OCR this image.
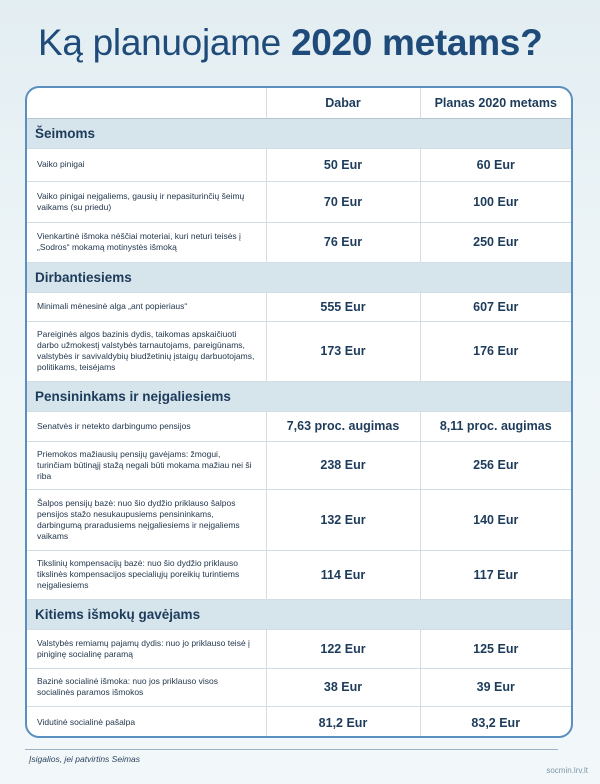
Ką planuojame 2020 metams?
	Dabar	Planas 2020 metams
Šeimoms		
Vaiko pinigai	50 Eur	60 Eur
Vaiko pinigai neįgaliems, gausių ir nepasiturinčių šeimų vaikams (su priedu)	70 Eur	100 Eur
Vienkartinė išmoka nėščiai moteriai, kuri neturi teisės į „Sodros“ mokamą motinystės išmoką	76 Eur	250 Eur
Dirbantiesiems		
Minimali mėnesinė alga „ant popieriaus“	555 Eur	607 Eur
Pareiginės algos bazinis dydis, taikomas apskaičiuoti darbo užmokestį valstybės tarnautojams, pareigūnams, valstybės ir savivaldybių biudžetinių įstaigų darbuotojams, politikams, teisėjams	173 Eur	176 Eur
Pensininkams ir neįgaliesiems		
Senatvės ir netekto darbingumo pensijos	7,63 proc. augimas	8,11 proc. augimas
Priemokos mažiausių pensijų gavėjams: žmogui, turinčiam būtinąjį stažą negali būti mokama mažiau nei ši riba	238 Eur	256 Eur
Šalpos pensijų bazė: nuo šio dydžio priklauso šalpos pensijos stažo nesukaupusiems pensininkams, darbingumą praradusiems neįgaliesiems ir neįgaliems vaikams	132 Eur	140 Eur
Tikslinių kompensacijų bazė: nuo šio dydžio priklauso tikslinės kompensacijos specialiųjų poreikių turintiems neįgaliesiems	114 Eur	117 Eur
Kitiems išmokų gavėjams		
Valstybės remiamų pajamų dydis: nuo jo priklauso teisė į piniginę socialinę paramą	122 Eur	125 Eur
Bazinė socialinė išmoka: nuo jos priklauso visos socialinės paramos išmokos	38 Eur	39 Eur
Vidutinė socialinė pašalpa	81,2 Eur	83,2 Eur
Įsigalios, jei patvirtins Seimas
socmin.lrv.lt
